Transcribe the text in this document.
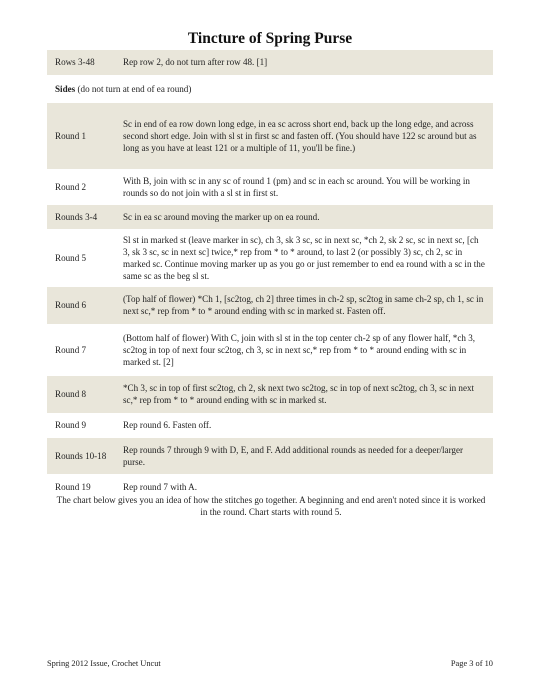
Tincture of Spring Purse
Rows 3-48	Rep row 2, do not turn after row 48. [1]
Sides (do not turn at end of ea round)	
Round 1	Sc in end of ea row down long edge, in ea sc across short end, back up the long edge, and across second short edge. Join with sl st in first sc and fasten off. (You should have 122 sc around but as long as you have at least 121 or a multiple of 11, you'll be fine.)
Round 2	With B, join with sc in any sc of round 1 (pm) and sc in each sc around. You will be working in rounds so do not join with a sl st in first st.
Rounds 3-4	Sc in ea sc around moving the marker up on ea round.
Round 5	Sl st in marked st (leave marker in sc), ch 3, sk 3 sc, sc in next sc, *ch 2, sk 2 sc, sc in next sc, [ch 3, sk 3 sc, sc in next sc] twice,* rep from * to * around, to last 2 (or possibly 3) sc, ch 2, sc in marked sc. Continue moving marker up as you go or just remember to end ea round with a sc in the same sc as the beg sl st.
Round 6	(Top half of flower) *Ch 1, [sc2tog, ch 2] three times in ch-2 sp, sc2tog in same ch-2 sp, ch 1, sc in next sc,* rep from * to * around ending with sc in marked st. Fasten off.
Round 7	(Bottom half of flower) With C, join with sl st in the top center ch-2 sp of any flower half, *ch 3, sc2tog in top of next four sc2tog, ch 3, sc in next sc,* rep from * to * around ending with sc in marked st. [2]
Round 8	*Ch 3, sc in top of first sc2tog, ch 2, sk next two sc2tog, sc in top of next sc2tog, ch 3, sc in next sc,* rep from * to * around ending with sc in marked st.
Round 9	Rep round 6. Fasten off.
Rounds 10-18	Rep rounds 7 through 9 with D, E, and F. Add additional rounds as needed for a deeper/larger purse.
Round 19	Rep round 7 with A.
The chart below gives you an idea of how the stitches go together. A beginning and end aren't noted since it is worked in the round. Chart starts with round 5.
Spring 2012 Issue, Crochet Uncut	Page 3 of 10
